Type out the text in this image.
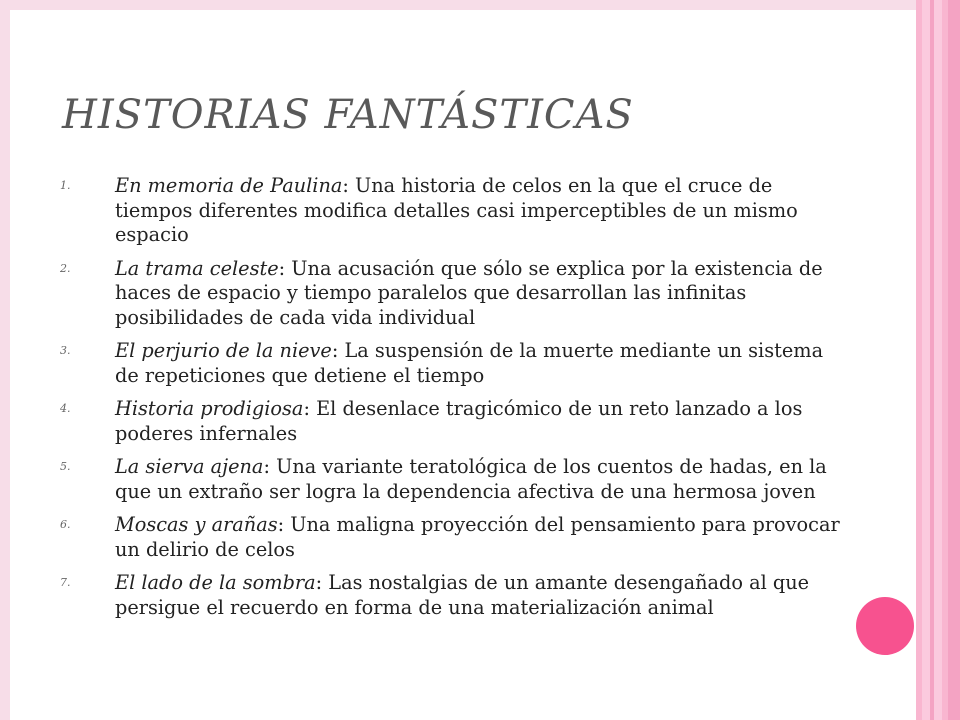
HISTORIAS FANTÁSTICAS
1. En memoria de Paulina: Una historia de celos en la que el cruce de tiempos diferentes modifica detalles casi imperceptibles de un mismo espacio
2. La trama celeste: Una acusación que sólo se explica por la existencia de haces de espacio y tiempo paralelos que desarrollan las infinitas posibilidades de cada vida individual
3. El perjurio de la nieve: La suspensión de la muerte mediante un sistema de repeticiones que detiene el tiempo
4. Historia prodigiosa: El desenlace tragicómico de un reto lanzado a los poderes infernales
5. La sierva ajena: Una variante teratológica de los cuentos de hadas, en la que un extraño ser logra la dependencia afectiva de una hermosa joven
6. Moscas y arañas: Una maligna proyección del pensamiento para provocar un delirio de celos
7. El lado de la sombra: Las nostalgias de un amante desengañado al que persigue el recuerdo en forma de una materialización animal
